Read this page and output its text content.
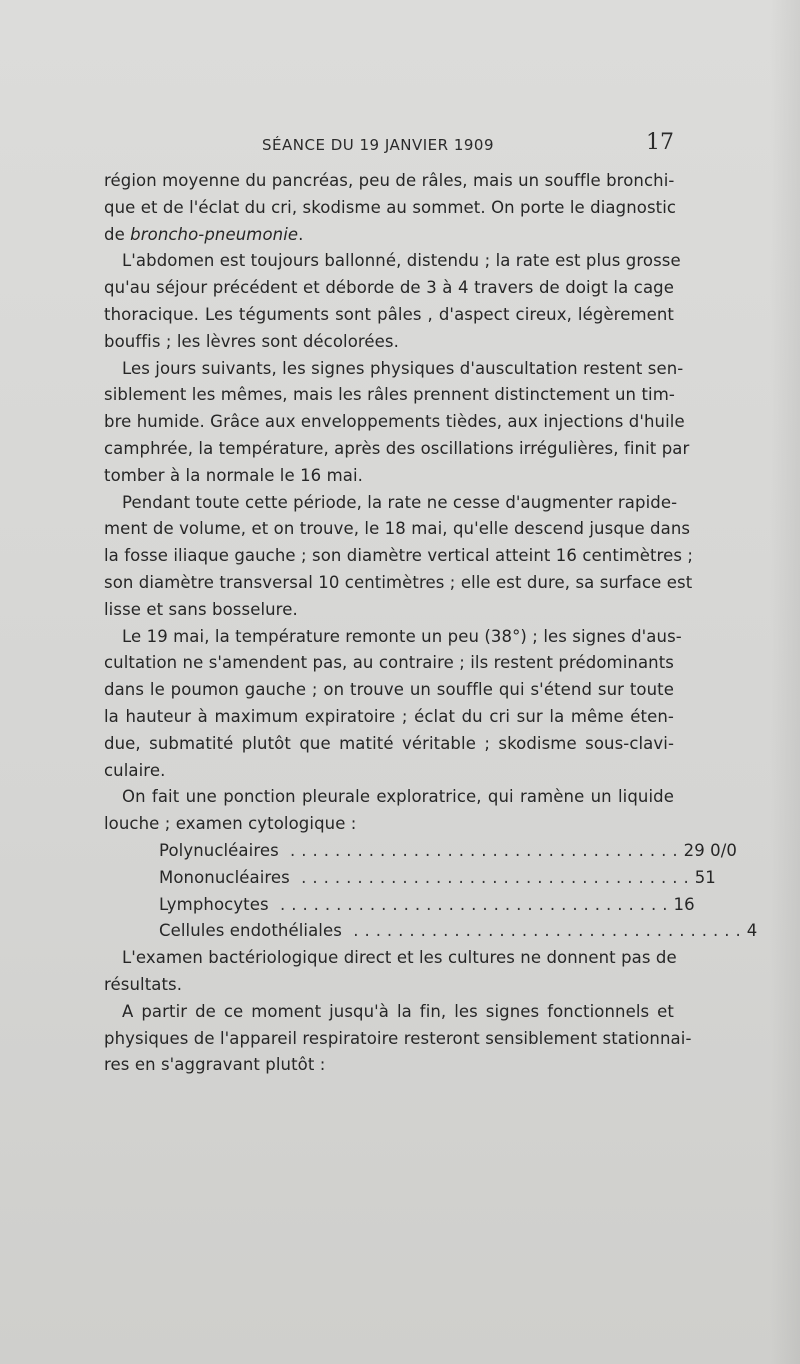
SÉANCE DU 19 JANVIER 1909	17
région moyenne du pancréas, peu de râles, mais un souffle bronchi-
que et de l'éclat du cri, skodisme au sommet. On porte le diagnostic
de broncho-pneumonie.
L'abdomen est toujours ballonné, distendu ; la rate est plus grosse
qu'au séjour précédent et déborde de 3 à 4 travers de doigt la cage
thoracique. Les téguments sont pâles , d'aspect cireux, légèrement
bouffis ; les lèvres sont décolorées.
Les jours suivants, les signes physiques d'auscultation restent sen-
siblement les mêmes, mais les râles prennent distinctement un tim-
bre humide. Grâce aux enveloppements tièdes, aux injections d'huile
camphrée, la température, après des oscillations irrégulières, finit par
tomber à la normale le 16 mai.
Pendant toute cette période, la rate ne cesse d'augmenter rapide-
ment de volume, et on trouve, le 18 mai, qu'elle descend jusque dans
la fosse iliaque gauche ; son diamètre vertical atteint 16 centimètres ;
son diamètre transversal 10 centimètres ; elle est dure, sa surface est
lisse et sans bosselure.
Le 19 mai, la température remonte un peu (38°) ; les signes d'aus-
cultation ne s'amendent pas, au contraire ; ils restent prédominants
dans le poumon gauche ; on trouve un souffle qui s'étend sur toute
la hauteur à maximum expiratoire ; éclat du cri sur la même éten-
due, submatité plutôt que matité véritable ; skodisme sous-clavi-
culaire.
On fait une ponction pleurale exploratrice, qui ramène un liquide
louche ; examen cytologique :
Polynucléaires ................................... 29 0/0
Mononucléaires ................................... 51
Lymphocytes ................................... 16
Cellules endothéliales ................................... 4
L'examen bactériologique direct et les cultures ne donnent pas de
résultats.
A partir de ce moment jusqu'à la fin, les signes fonctionnels et
physiques de l'appareil respiratoire resteront sensiblement stationnai-
res en s'aggravant plutôt :
